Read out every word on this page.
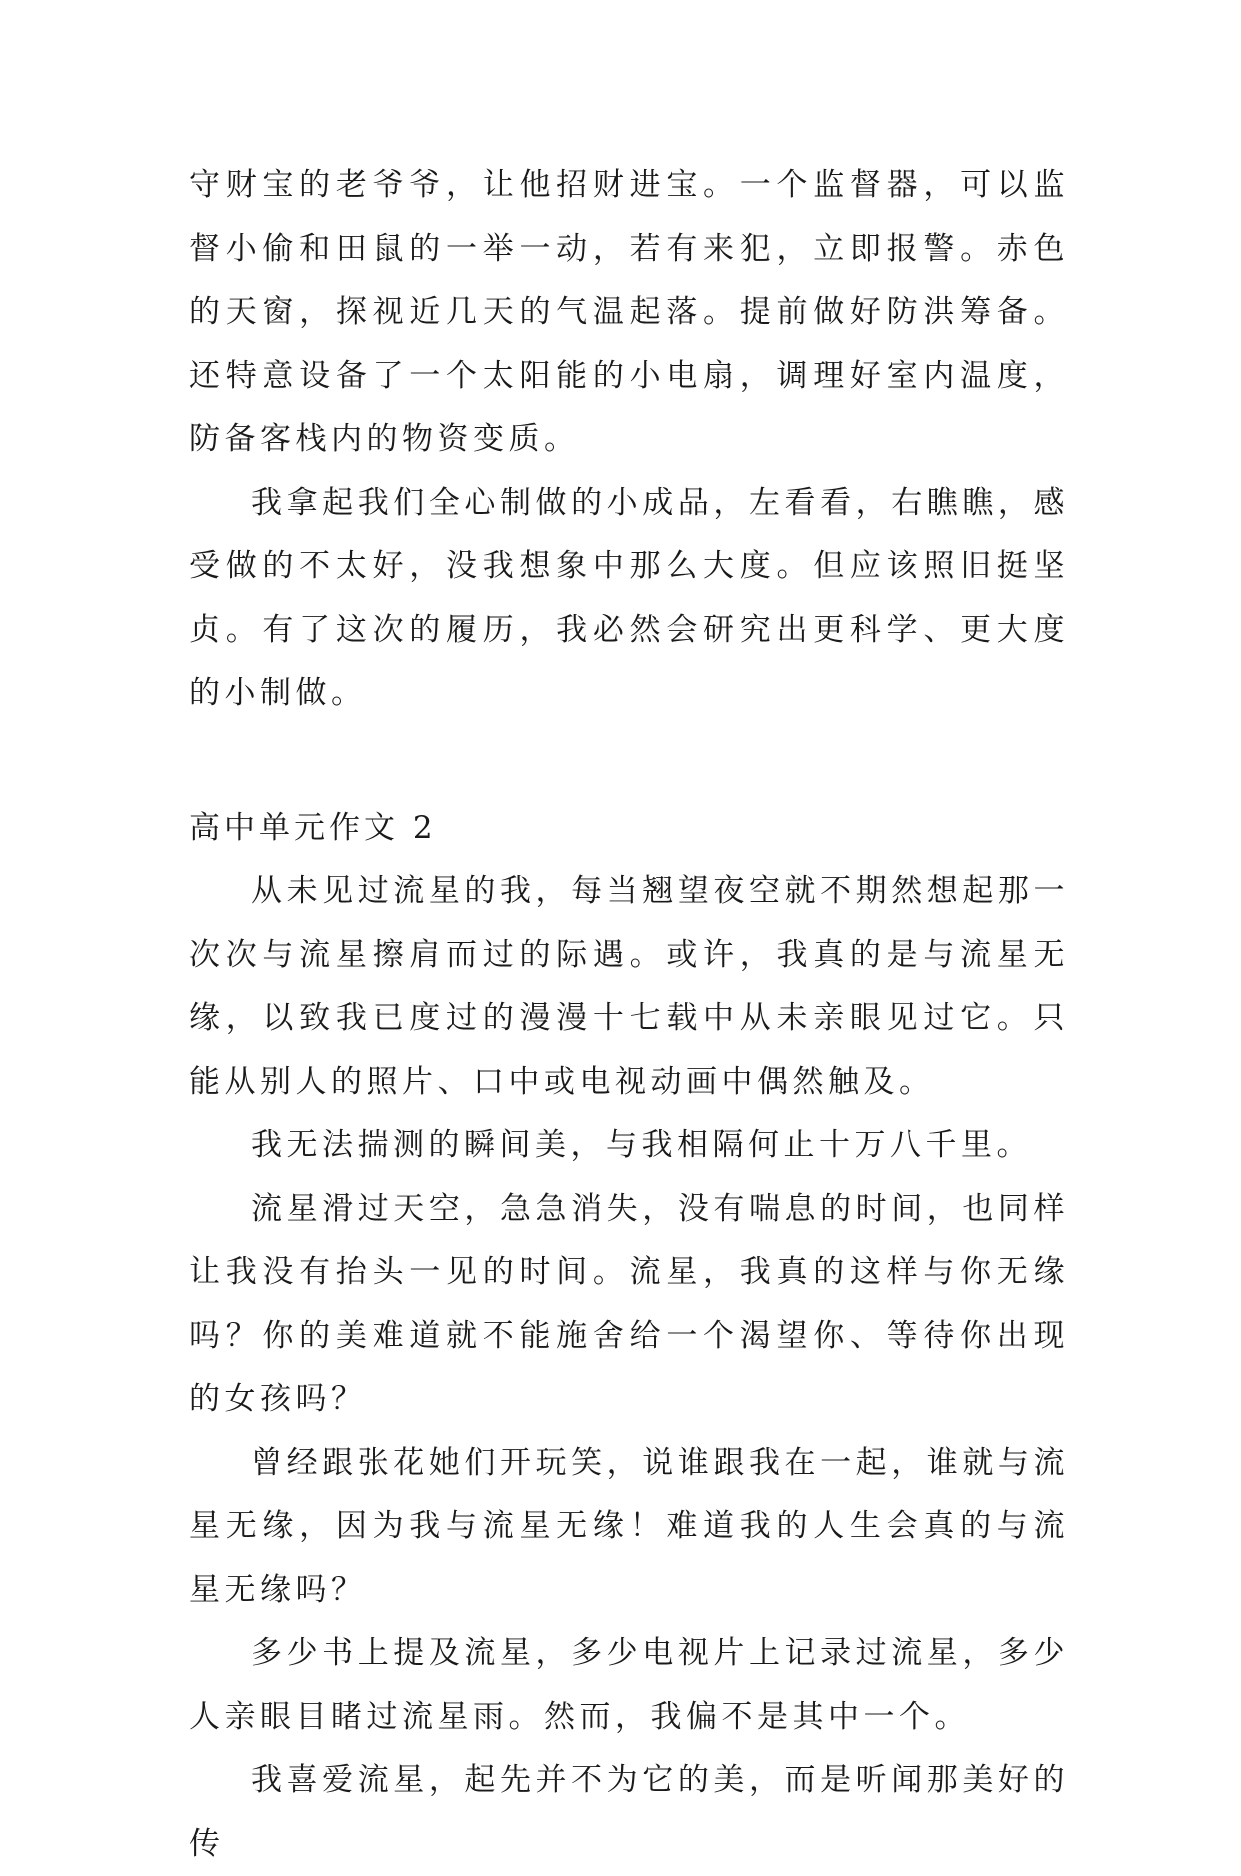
守财宝的老爷爷，让他招财进宝。一个监督器，可以监督小偷和田鼠的一举一动，若有来犯，立即报警。赤色的天窗，探视近几天的气温起落。提前做好防洪筹备。还特意设备了一个太阳能的小电扇，调理好室内温度，防备客栈内的物资变质。

我拿起我们全心制做的小成品，左看看，右瞧瞧，感受做的不太好，没我想象中那么大度。但应该照旧挺坚贞。有了这次的履历，我必然会研究出更科学、更大度的小制做。

高中单元作文 2

从未见过流星的我，每当翘望夜空就不期然想起那一次次与流星擦肩而过的际遇。或许，我真的是与流星无缘，以致我已度过的漫漫十七载中从未亲眼见过它。只能从别人的照片、口中或电视动画中偶然触及。

我无法揣测的瞬间美，与我相隔何止十万八千里。

流星滑过天空，急急消失，没有喘息的时间，也同样让我没有抬头一见的时间。流星，我真的这样与你无缘吗？你的美难道就不能施舍给一个渴望你、等待你出现的女孩吗？

曾经跟张花她们开玩笑，说谁跟我在一起，谁就与流星无缘，因为我与流星无缘！难道我的人生会真的与流星无缘吗？

多少书上提及流星，多少电视片上记录过流星，多少人亲眼目睹过流星雨。然而，我偏不是其中一个。

我喜爱流星，起先并不为它的美，而是听闻那美好的传
